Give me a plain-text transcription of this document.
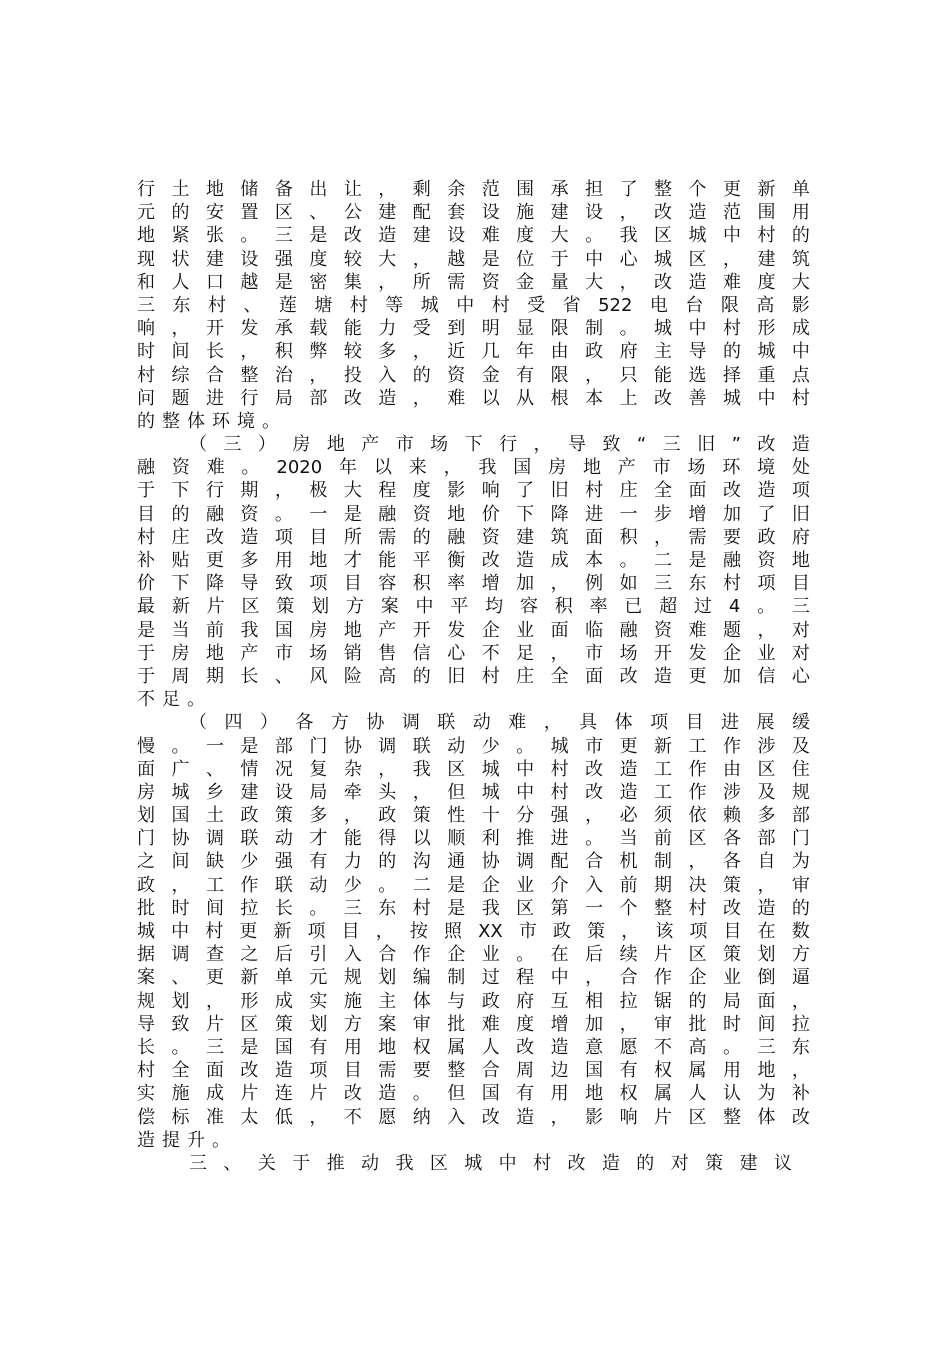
行 土 地 储 备 出 让 ， 剩 余 范 围 承 担 了 整 个 更 新 单
元 的 安 置 区 、 公 建 配 套 设 施 建 设 ， 改 造 范 围 用
地 紧 张 。 三 是 改 造 建 设 难 度 大 。 我 区 城 中 村 的
现 状 建 设 强 度 较 大 ， 越 是 位 于 中 心 城 区 ， 建 筑
和 人 口 越 是 密 集 ， 所 需 资 金 量 大 ， 改 造 难 度 大
三 东 村 、 莲 塘 村 等 城 中 村 受 省 522 电 台 限 高 影
响 ， 开 发 承 载 能 力 受 到 明 显 限 制 。 城 中 村 形 成
时 间 长 ， 积 弊 较 多 ， 近 几 年 由 政 府 主 导 的 城 中
村 综 合 整 治 ， 投 入 的 资 金 有 限 ， 只 能 选 择 重 点
问 题 进 行 局 部 改 造 ， 难 以 从 根 本 上 改 善 城 中 村
的整体环境。
（ 三 ） 房 地 产 市 场 下 行 ， 导 致 “ 三 旧 ” 改 造
融 资 难 。 2020 年 以 来 ， 我 国 房 地 产 市 场 环 境 处
于 下 行 期 ， 极 大 程 度 影 响 了 旧 村 庄 全 面 改 造 项
目 的 融 资 。 一 是 融 资 地 价 下 降 进 一 步 增 加 了 旧
村 庄 改 造 项 目 所 需 的 融 资 建 筑 面 积 ， 需 要 政 府
补 贴 更 多 用 地 才 能 平 衡 改 造 成 本 。 二 是 融 资 地
价 下 降 导 致 项 目 容 积 率 增 加 ， 例 如 三 东 村 项 目
最 新 片 区 策 划 方 案 中 平 均 容 积 率 已 超 过 4 。 三
是 当 前 我 国 房 地 产 开 发 企 业 面 临 融 资 难 题 ， 对
于 房 地 产 市 场 销 售 信 心 不 足 ， 市 场 开 发 企 业 对
于 周 期 长 、 风 险 高 的 旧 村 庄 全 面 改 造 更 加 信 心
不足。
（ 四 ） 各 方 协 调 联 动 难 ， 具 体 项 目 进 展 缓
慢 。 一 是 部 门 协 调 联 动 少 。 城 市 更 新 工 作 涉 及
面 广 、 情 况 复 杂 ， 我 区 城 中 村 改 造 工 作 由 区 住
房 城 乡 建 设 局 牵 头 ， 但 城 中 村 改 造 工 作 涉 及 规
划 国 土 政 策 多 ， 政 策 性 十 分 强 ， 必 须 依 赖 多 部
门 协 调 联 动 才 能 得 以 顺 利 推 进 。 当 前 区 各 部 门
之 间 缺 少 强 有 力 的 沟 通 协 调 配 合 机 制 ， 各 自 为
政 ， 工 作 联 动 少 。 二 是 企 业 介 入 前 期 决 策 ， 审
批 时 间 拉 长 。 三 东 村 是 我 区 第 一 个 整 村 改 造 的
城 中 村 更 新 项 目 ， 按 照 XX 市 政 策 ， 该 项 目 在 数
据 调 查 之 后 引 入 合 作 企 业 。 在 后 续 片 区 策 划 方
案 、 更 新 单 元 规 划 编 制 过 程 中 ， 合 作 企 业 倒 逼
规 划 ， 形 成 实 施 主 体 与 政 府 互 相 拉 锯 的 局 面 ，
导 致 片 区 策 划 方 案 审 批 难 度 增 加 ， 审 批 时 间 拉
长 。 三 是 国 有 用 地 权 属 人 改 造 意 愿 不 高 。 三 东
村 全 面 改 造 项 目 需 要 整 合 周 边 国 有 权 属 用 地 ，
实 施 成 片 连 片 改 造 。 但 国 有 用 地 权 属 人 认 为 补
偿 标 准 太 低 ， 不 愿 纳 入 改 造 ， 影 响 片 区 整 体 改
造提升。
三 、 关 于 推 动 我 区 城 中 村 改 造 的 对 策 建 议
